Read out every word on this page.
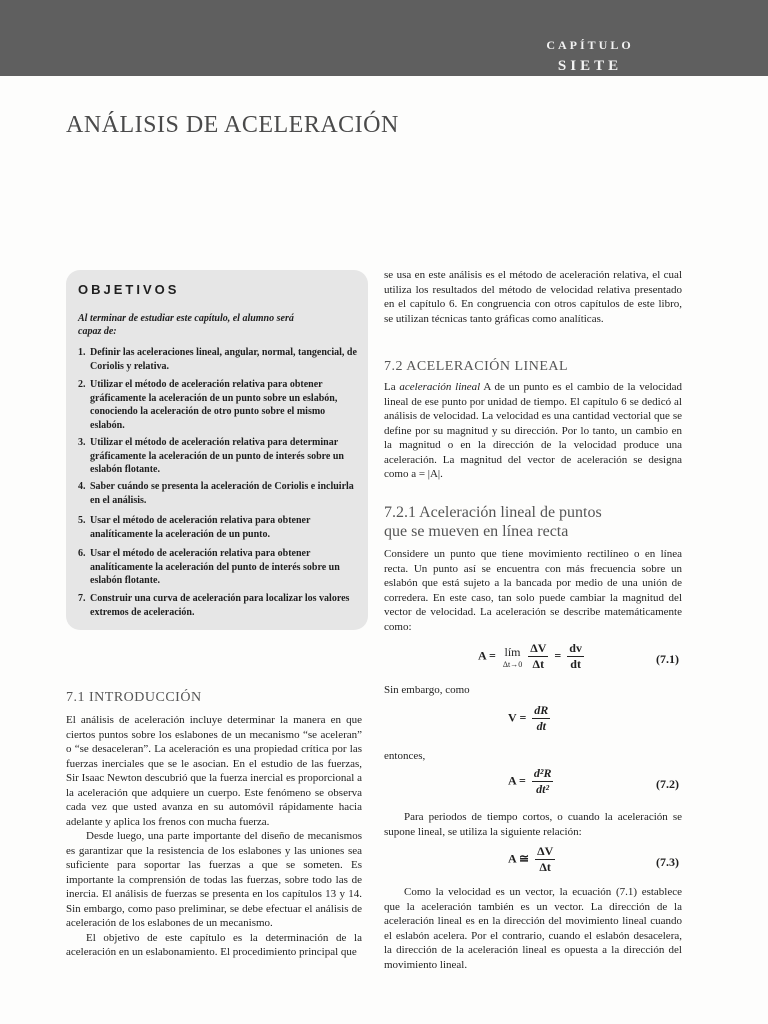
CAPÍTULO
SIETE
ANÁLISIS DE ACELERACIÓN
OBJETIVOS
Al terminar de estudiar este capítulo, el alumno será capaz de:
1. Definir las aceleraciones lineal, angular, normal, tangencial, de Coriolis y relativa.
2. Utilizar el método de aceleración relativa para obtener gráficamente la aceleración de un punto sobre un eslabón, conociendo la aceleración de otro punto sobre el mismo eslabón.
3. Utilizar el método de aceleración relativa para determinar gráficamente la aceleración de un punto de interés sobre un eslabón flotante.
4. Saber cuándo se presenta la aceleración de Coriolis e incluirla en el análisis.
5. Usar el método de aceleración relativa para obtener analíticamente la aceleración de un punto.
6. Usar el método de aceleración relativa para obtener analíticamente la aceleración del punto de interés sobre un eslabón flotante.
7. Construir una curva de aceleración para localizar los valores extremos de aceleración.
7.1 INTRODUCCIÓN

El análisis de aceleración incluye determinar la manera en que ciertos puntos sobre los eslabones de un mecanismo “se aceleran” o “se desaceleran”. La aceleración es una propiedad crítica por las fuerzas inerciales que se le asocian. En el estudio de las fuerzas, Sir Isaac Newton descubrió que la fuerza inercial es proporcional a la aceleración que adquiere un cuerpo. Este fenómeno se observa cada vez que usted avanza en su automóvil rápidamente hacia adelante y aplica los frenos con mucha fuerza.

Desde luego, una parte importante del diseño de mecanismos es garantizar que la resistencia de los eslabones y las uniones sea suficiente para soportar las fuerzas a que se someten. Es importante la comprensión de todas las fuerzas, sobre todo las de inercia. El análisis de fuerzas se presenta en los capítulos 13 y 14. Sin embargo, como paso preliminar, se debe efectuar el análisis de aceleración de los eslabones de un mecanismo.

El objetivo de este capítulo es la determinación de la aceleración en un eslabonamiento. El procedimiento principal que

se usa en este análisis es el método de aceleración relativa, el cual utiliza los resultados del método de velocidad relativa presentado en el capítulo 6. En congruencia con otros capítulos de este libro, se utilizan técnicas tanto gráficas como analíticas.
7.2 ACELERACIÓN LINEAL
La aceleración lineal A de un punto es el cambio de la velocidad lineal de ese punto por unidad de tiempo. El capítulo 6 se dedicó al análisis de velocidad. La velocidad es una cantidad vectorial que se define por su magnitud y su dirección. Por lo tanto, un cambio en la magnitud o en la dirección de la velocidad produce una aceleración. La magnitud del vector de aceleración se designa como a = |A|.
7.2.1 Aceleración lineal de puntos
que se mueven en línea recta
Considere un punto que tiene movimiento rectilíneo o en línea recta. Un punto así se encuentra con más frecuencia sobre un eslabón que está sujeto a la bancada por medio de una unión de corredera. En este caso, tan solo puede cambiar la magnitud del vector de velocidad. La aceleración se describe matemáticamente como:
A = lím
Δt→0
$\frac{\Delta V}{\Delta t} = \frac{dv}{dt}$	(7.1)
Sin embargo, como
$V = \frac{dR}{dt}$
entonces,
$A = \frac{\text{d²R}}{\text{dt²}}$	(7.2)
Para periodos de tiempo cortos, o cuando la aceleración se supone lineal, se utiliza la siguiente relación:
A ≅ $\frac{\Delta V}{\Delta t}$	(7.3)
Como la velocidad es un vector, la ecuación (7.1) establece que la aceleración también es un vector. La dirección de la aceleración lineal es en la dirección del movimiento lineal cuando el eslabón acelera. Por el contrario, cuando el eslabón desacelera, la dirección de la aceleración lineal es opuesta a la dirección del movimiento lineal.
